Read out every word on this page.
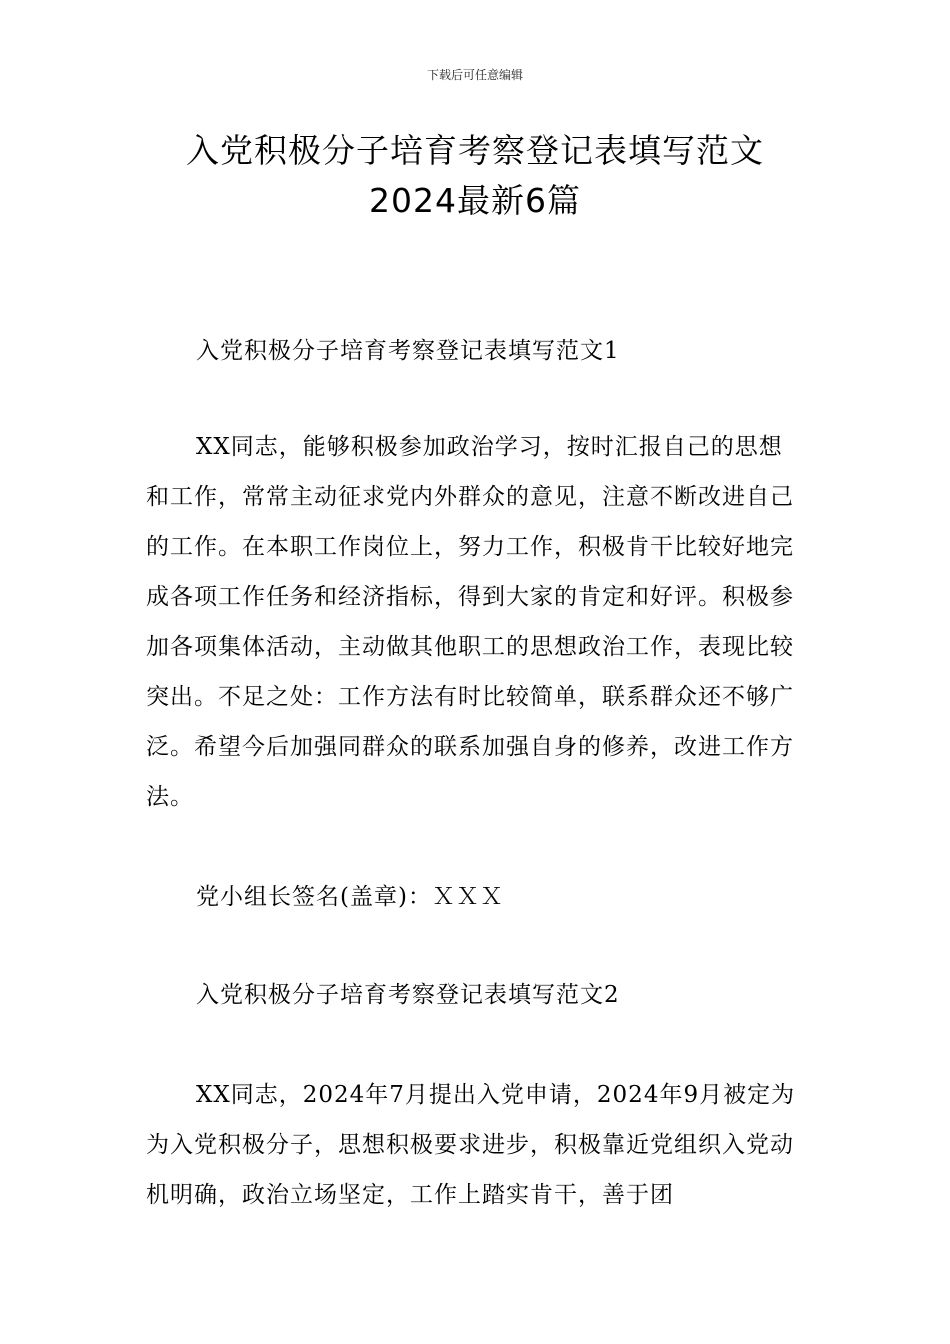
下载后可任意编辑
入党积极分子培育考察登记表填写范文
2024最新6篇

入党积极分子培育考察登记表填写范文1

XX同志，能够积极参加政治学习，按时汇报自己的思想和工作，常常主动征求党内外群众的意见，注意不断改进自己的工作。在本职工作岗位上，努力工作，积极肯干比较好地完成各项工作任务和经济指标，得到大家的肯定和好评。积极参加各项集体活动，主动做其他职工的思想政治工作，表现比较突出。不足之处：工作方法有时比较简单，联系群众还不够广泛。希望今后加强同群众的联系加强自身的修养，改进工作方法。

党小组长签名(盖章)：ＸＸＸ

入党积极分子培育考察登记表填写范文2

XX同志，2024年7月提出入党申请，2024年9月被定为为入党积极分子，思想积极要求进步，积极靠近党组织入党动机明确，政治立场坚定，工作上踏实肯干，善于团
